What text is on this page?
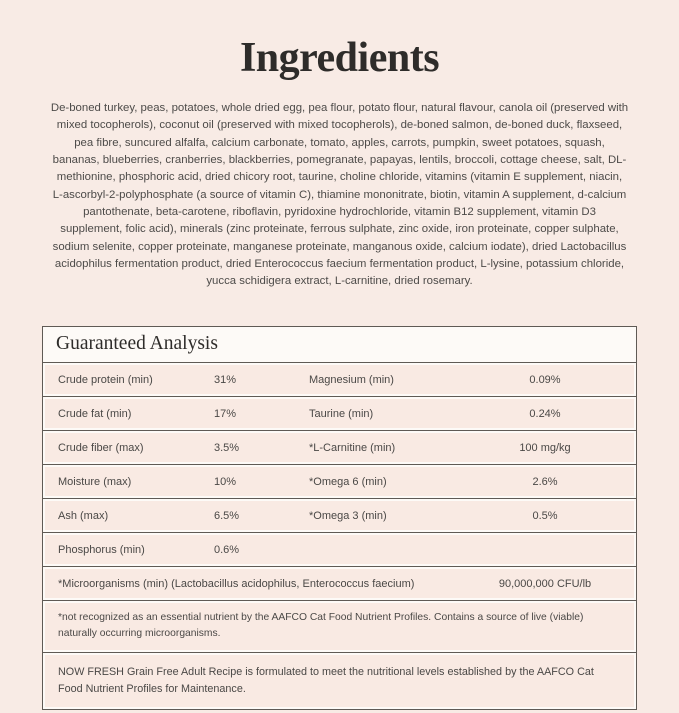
Ingredients

De-boned turkey, peas, potatoes, whole dried egg, pea flour, potato flour, natural flavour, canola oil (preserved with mixed tocopherols), coconut oil (preserved with mixed tocopherols), de-boned salmon, de-boned duck, flaxseed, pea fibre, suncured alfalfa, calcium carbonate, tomato, apples, carrots, pumpkin, sweet potatoes, squash, bananas, blueberries, cranberries, blackberries, pomegranate, papayas, lentils, broccoli, cottage cheese, salt, DL-methionine, phosphoric acid, dried chicory root, taurine, choline chloride, vitamins (vitamin E supplement, niacin, L-ascorbyl-2-polyphosphate (a source of vitamin C), thiamine mononitrate, biotin, vitamin A supplement, d-calcium pantothenate, beta-carotene, riboflavin, pyridoxine hydrochloride, vitamin B12 supplement, vitamin D3 supplement, folic acid), minerals (zinc proteinate, ferrous sulphate, zinc oxide, iron proteinate, copper sulphate, sodium selenite, copper proteinate, manganese proteinate, manganous oxide, calcium iodate), dried Lactobacillus acidophilus fermentation product, dried Enterococcus faecium fermentation product, L-lysine, potassium chloride, yucca schidigera extract, L-carnitine, dried rosemary.

Guaranteed Analysis
Crude protein (min)	31%	Magnesium (min)	0.09%
Crude fat (min)	17%	Taurine (min)	0.24%
Crude fiber (max)	3.5%	*L-Carnitine (min)	100 mg/kg
Moisture (max)	10%	*Omega 6 (min)	2.6%
Ash (max)	6.5%	*Omega 3 (min)	0.5%
Phosphorus (min)	0.6%
*Microorganisms (min) (Lactobacillus acidophilus, Enterococcus faecium)	90,000,000 CFU/lb
*not recognized as an essential nutrient by the AAFCO Cat Food Nutrient Profiles. Contains a source of live (viable) naturally occurring microorganisms.
NOW FRESH Grain Free Adult Recipe is formulated to meet the nutritional levels established by the AAFCO Cat Food Nutrient Profiles for Maintenance.
